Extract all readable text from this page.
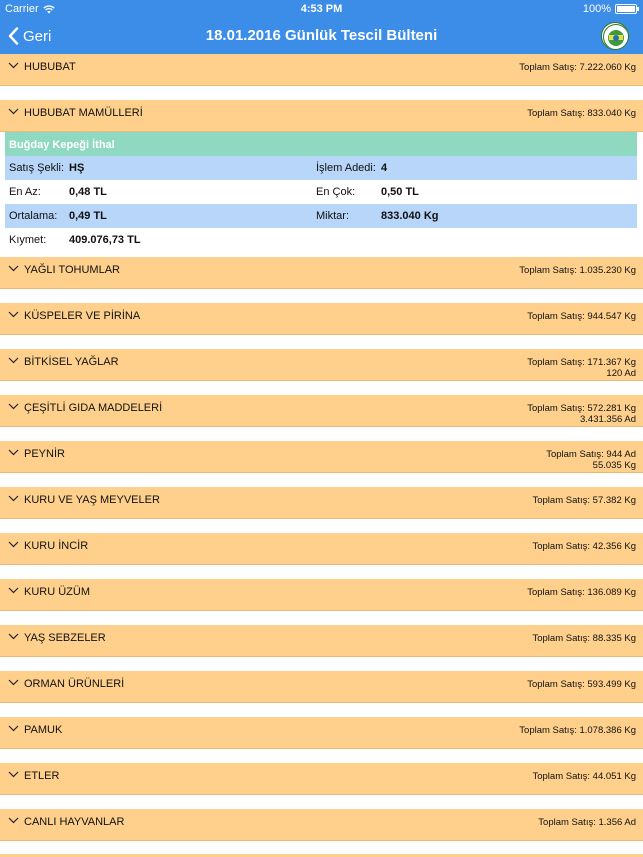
Carrier	4:53 PM	100%
Geri	18.01.2016 Günlük Tescil Bülteni
HUBUBAT	Toplam Satış: 7.222.060 Kg
HUBUBAT MAMÜLLERİ	Toplam Satış: 833.040 Kg
Buğday Kepeği İthal
Satış Şekli: HŞ	İşlem Adedi: 4
En Az:	0,48 TL	En Çok: 0,50 TL
Ortalama: 0,49 TL	Miktar:	833.040 Kg
Kıymet: 409.076,73 TL
YAĞLI TOHUMLAR	Toplam Satış: 1.035.230 Kg
KÜSPELER VE PİRİNA	Toplam Satış: 944.547 Kg
BİTKİSEL YAĞLAR	Toplam Satış: 171.367 Kg
120 Ad
ÇEŞİTLİ GIDA MADDELERİ	Toplam Satış: 572.281 Kg
3.431.356 Ad
PEYNİR	Toplam Satış: 944 Ad
55.035 Kg
KURU VE YAŞ MEYVELER	Toplam Satış: 57.382 Kg
KURU İNCİR	Toplam Satış: 42.356 Kg
KURU ÜZÜM	Toplam Satış: 136.089 Kg
YAŞ SEBZELER	Toplam Satış: 88.335 Kg
ORMAN ÜRÜNLERİ	Toplam Satış: 593.499 Kg
PAMUK	Toplam Satış: 1.078.386 Kg
ETLER	Toplam Satış: 44.051 Kg
CANLI HAYVANLAR	Toplam Satış: 1.356 Ad
